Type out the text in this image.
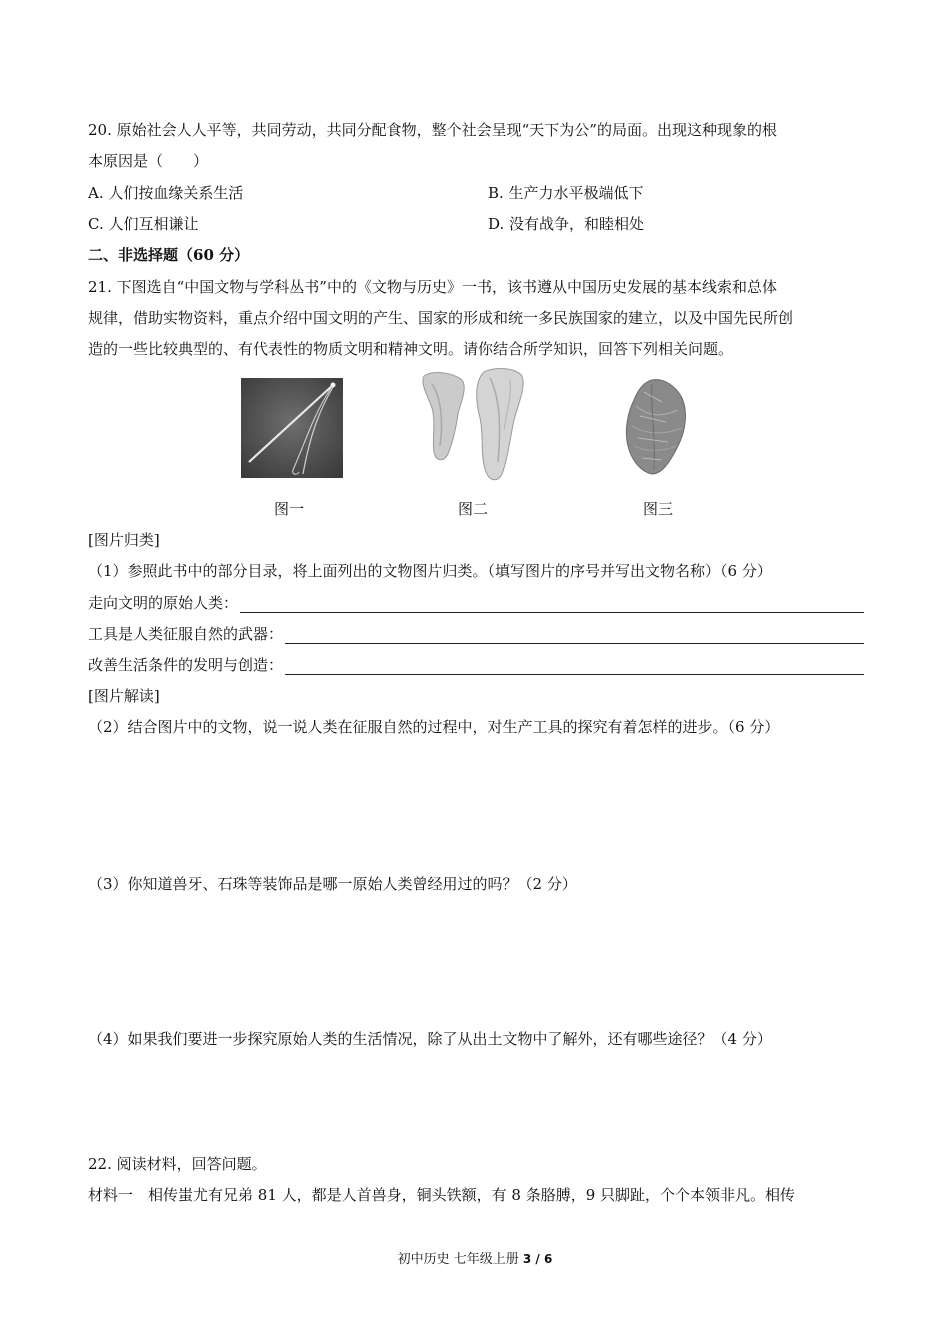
20. 原始社会人人平等，共同劳动，共同分配食物，整个社会呈现“天下为公”的局面。出现这种现象的根
本原因是（　　）
A. 人们按血缘关系生活	B. 生产力水平极端低下
C. 人们互相谦让	D. 没有战争，和睦相处
二、非选择题（60 分）
21. 下图选自“中国文物与学科丛书”中的《文物与历史》一书，该书遵从中国历史发展的基本线索和总体
规律，借助实物资料，重点介绍中国文明的产生、国家的形成和统一多民族国家的建立，以及中国先民所创
造的一些比较典型的、有代表性的物质文明和精神文明。请你结合所学知识，回答下列相关问题。
图一	图二	图三
[图片归类]
（1）参照此书中的部分目录，将上面列出的文物图片归类。（填写图片的序号并写出文物名称）（6 分）
走向文明的原始人类：
工具是人类征服自然的武器：
改善生活条件的发明与创造：
[图片解读]
（2）结合图片中的文物，说一说人类在征服自然的过程中，对生产工具的探究有着怎样的进步。（6 分）
（3）你知道兽牙、石珠等装饰品是哪一原始人类曾经用过的吗？（2 分）
（4）如果我们要进一步探究原始人类的生活情况，除了从出土文物中了解外，还有哪些途径？（4 分）
22. 阅读材料，回答问题。
材料一　相传蚩尤有兄弟 81 人，都是人首兽身，铜头铁额，有 8 条胳膊，9 只脚趾，个个本领非凡。相传
初中历史 七年级上册 3 / 6
